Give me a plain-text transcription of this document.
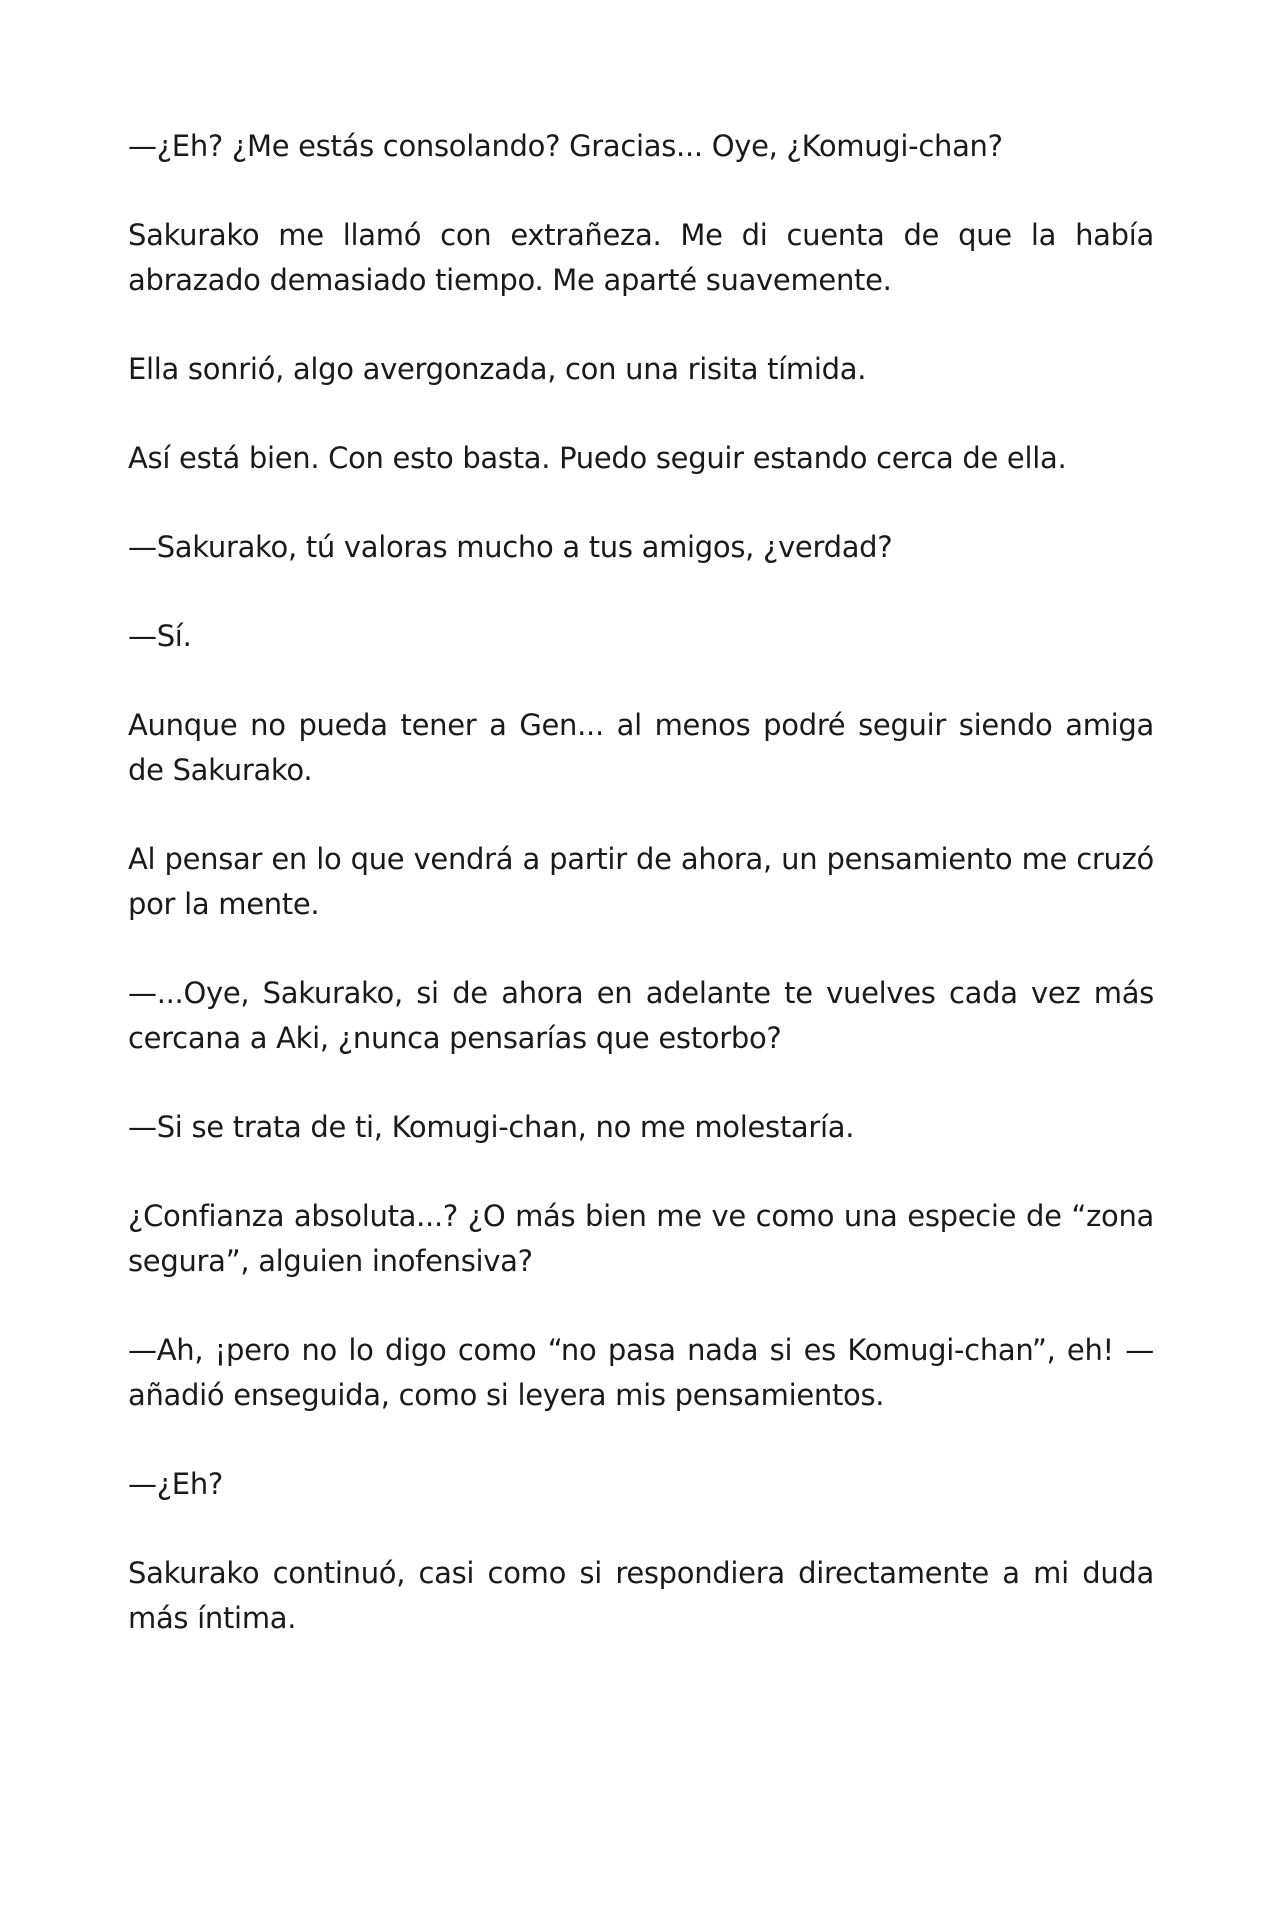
—¿Eh? ¿Me estás consolando? Gracias... Oye, ¿Komugi-chan?

Sakurako me llamó con extrañeza. Me di cuenta de que la había abrazado demasiado tiempo. Me aparté suavemente.

Ella sonrió, algo avergonzada, con una risita tímida.

Así está bien. Con esto basta. Puedo seguir estando cerca de ella.

—Sakurako, tú valoras mucho a tus amigos, ¿verdad?

—Sí.

Aunque no pueda tener a Gen... al menos podré seguir siendo amiga de Sakurako.

Al pensar en lo que vendrá a partir de ahora, un pensamiento me cruzó por la mente.

—...Oye, Sakurako, si de ahora en adelante te vuelves cada vez más cercana a Aki, ¿nunca pensarías que estorbo?

—Si se trata de ti, Komugi-chan, no me molestaría.

¿Confianza absoluta...? ¿O más bien me ve como una especie de “zona segura”, alguien inofensiva?

—Ah, ¡pero no lo digo como “no pasa nada si es Komugi-chan”, eh! —añadió enseguida, como si leyera mis pensamientos.

—¿Eh?

Sakurako continuó, casi como si respondiera directamente a mi duda más íntima.
